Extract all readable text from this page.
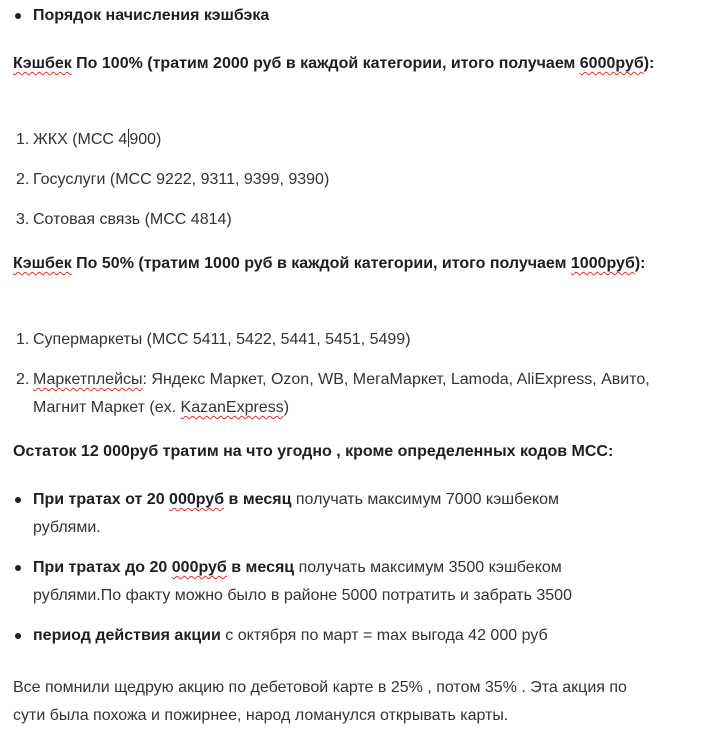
Порядок начисления кэшбэка

Кэшбек По 100% (тратим 2000 руб в каждой категории, итого получаем 6000руб):

1. ЖКХ (MCC 4 900)
2. Госуслуги (MCC 9222, 9311, 9399, 9390)
3. Сотовая связь (MCC 4814)

Кэшбек По 50% (тратим 1000 руб в каждой категории, итого получаем 1000руб):

1. Супермаркеты (MCC 5411, 5422, 5441, 5451, 5499)
2. Маркетплейсы: Яндекс Маркет, Ozon, WB, МегаМаркет, Lamoda, AliExpress, Авито, Магнит Маркет (ex. KazanExpress)

Остаток 12 000руб тратим на что угодно , кроме определенных кодов MCC:

При тратах от 20 000руб в месяц получать максимум 7000 кэшбеком рублями.
При тратах до 20 000руб в месяц получать максимум 3500 кэшбеком рублями.По факту можно было в районе 5000 потратить и забрать 3500
период действия акции с октября по март = max выгода 42 000 руб

Все помнили щедрую акцию по дебетовой карте в 25% , потом 35% . Эта акция по сути была похожа и пожирнее, народ ломанулся открывать карты.
